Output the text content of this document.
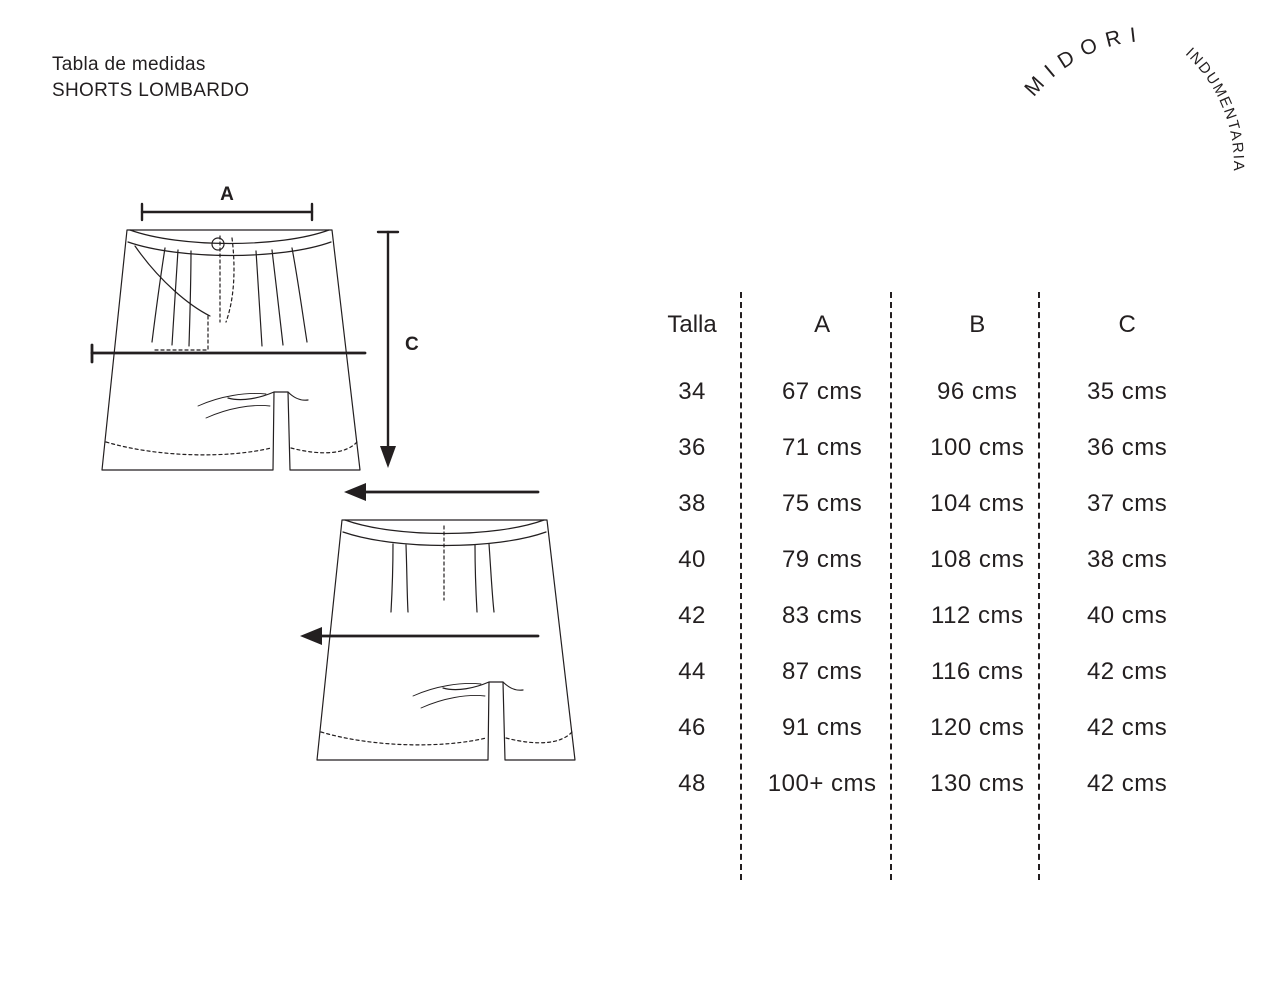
Tabla de medidas
SHORTS LOMBARDO	M I D O R I
INDUMENTARIA
A
C
Talla	A	B	C
34	67 cms	96 cms	35 cms
36	71 cms	100 cms	36 cms
38	75 cms	104 cms	37 cms
40	79 cms	108 cms	38 cms
42	83 cms	112 cms	40 cms
44	87 cms	116 cms	42 cms
46	91 cms	120 cms	42 cms
48	100+ cms	130 cms	42 cms
